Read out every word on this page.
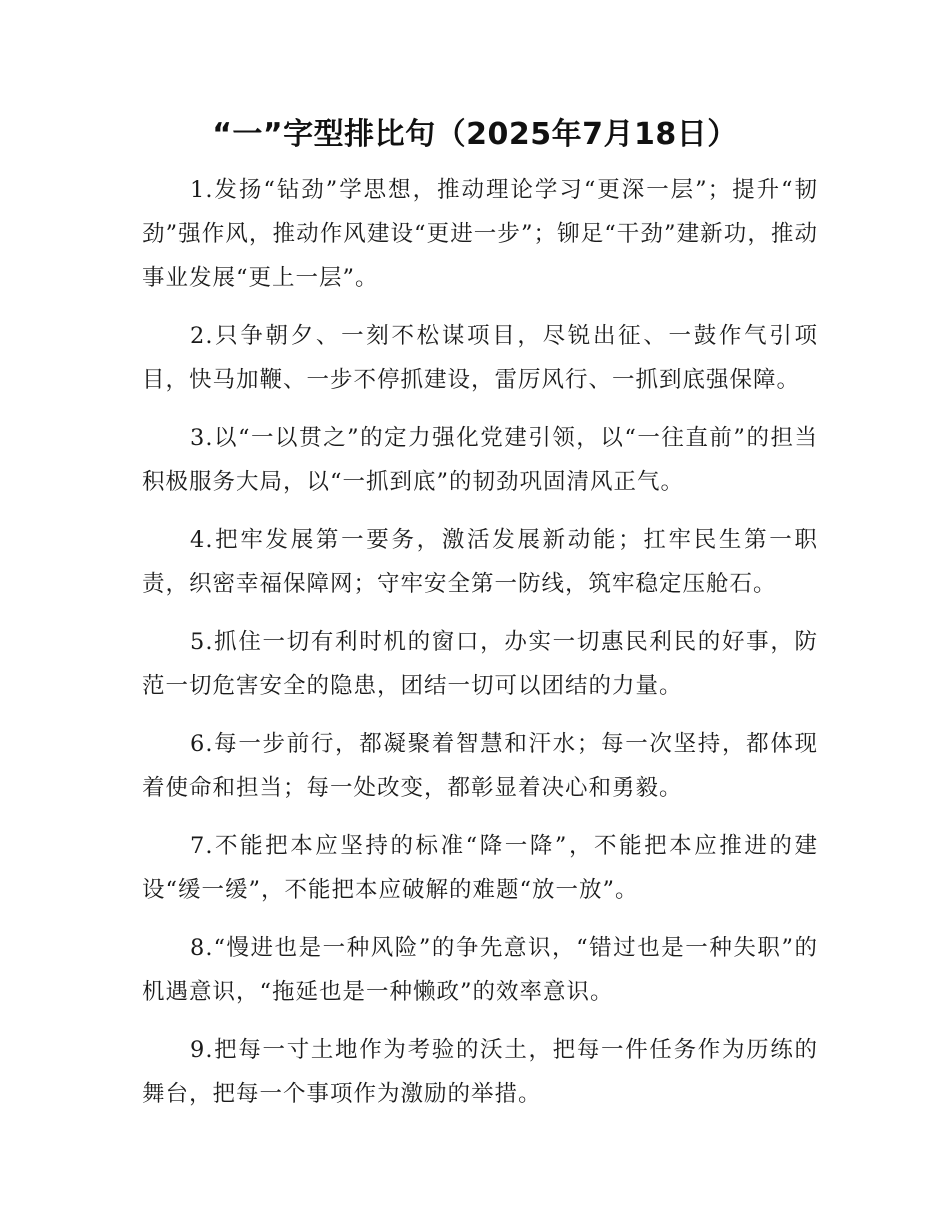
“一”字型排比句（2025年7月18日）

1.发扬“钻劲”学思想，推动理论学习“更深一层”；提升“韧劲”强作风，推动作风建设“更进一步”；铆足“干劲”建新功，推动事业发展“更上一层”。

2.只争朝夕、一刻不松谋项目，尽锐出征、一鼓作气引项目，快马加鞭、一步不停抓建设，雷厉风行、一抓到底强保障。

3.以“一以贯之”的定力强化党建引领，以“一往直前”的担当积极服务大局，以“一抓到底”的韧劲巩固清风正气。

4.把牢发展第一要务，激活发展新动能；扛牢民生第一职责，织密幸福保障网；守牢安全第一防线，筑牢稳定压舱石。

5.抓住一切有利时机的窗口，办实一切惠民利民的好事，防范一切危害安全的隐患，团结一切可以团结的力量。

6.每一步前行，都凝聚着智慧和汗水；每一次坚持，都体现着使命和担当；每一处改变，都彰显着决心和勇毅。

7.不能把本应坚持的标准“降一降”，不能把本应推进的建设“缓一缓”，不能把本应破解的难题“放一放”。

8.“慢进也是一种风险”的争先意识，“错过也是一种失职”的机遇意识，“拖延也是一种懒政”的效率意识。

9.把每一寸土地作为考验的沃土，把每一件任务作为历练的舞台，把每一个事项作为激励的举措。
